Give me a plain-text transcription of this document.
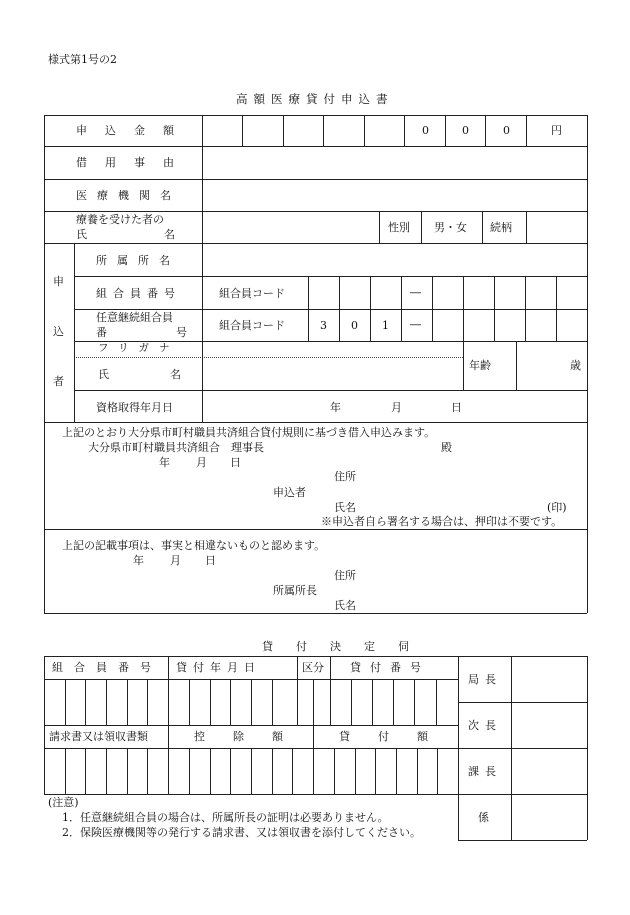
様式第1号の2
高額医療貸付申込書
申込金額	0	0	0	円
借用事由
医療機関名
療養を受けた者の
氏	名
性別 男・女 続柄
申
込
者
所属所名
組合員番号	組合員コード	―
任意継続組合員
番	号
組合員コード	3 0 1 ―
フリガナ
氏	名
年齢	歳
資格取得年月日	年	月	日
上記のとおり大分県市町村職員共済組合貸付規則に基づき借入申込みます。
大分県市町村職員共済組合　理事長	殿
年 月 日
住所
申込者
氏名	(印)
※申込者自ら署名する場合は、押印は不要です。
上記の記載事項は、事実と相違ないものと認めます。
年 月 日
住所
所属所長
氏名
貸付決定伺
組合員番号 貸付年月日	区分 貸付番号
請求書又は領収書類	控除額	貸付額
局長
次長
課長
係
(注意)
1．任意継続組合員の場合は、所属所長の証明は必要ありません。
2．保険医療機関等の発行する請求書、又は領収書を添付してください。
